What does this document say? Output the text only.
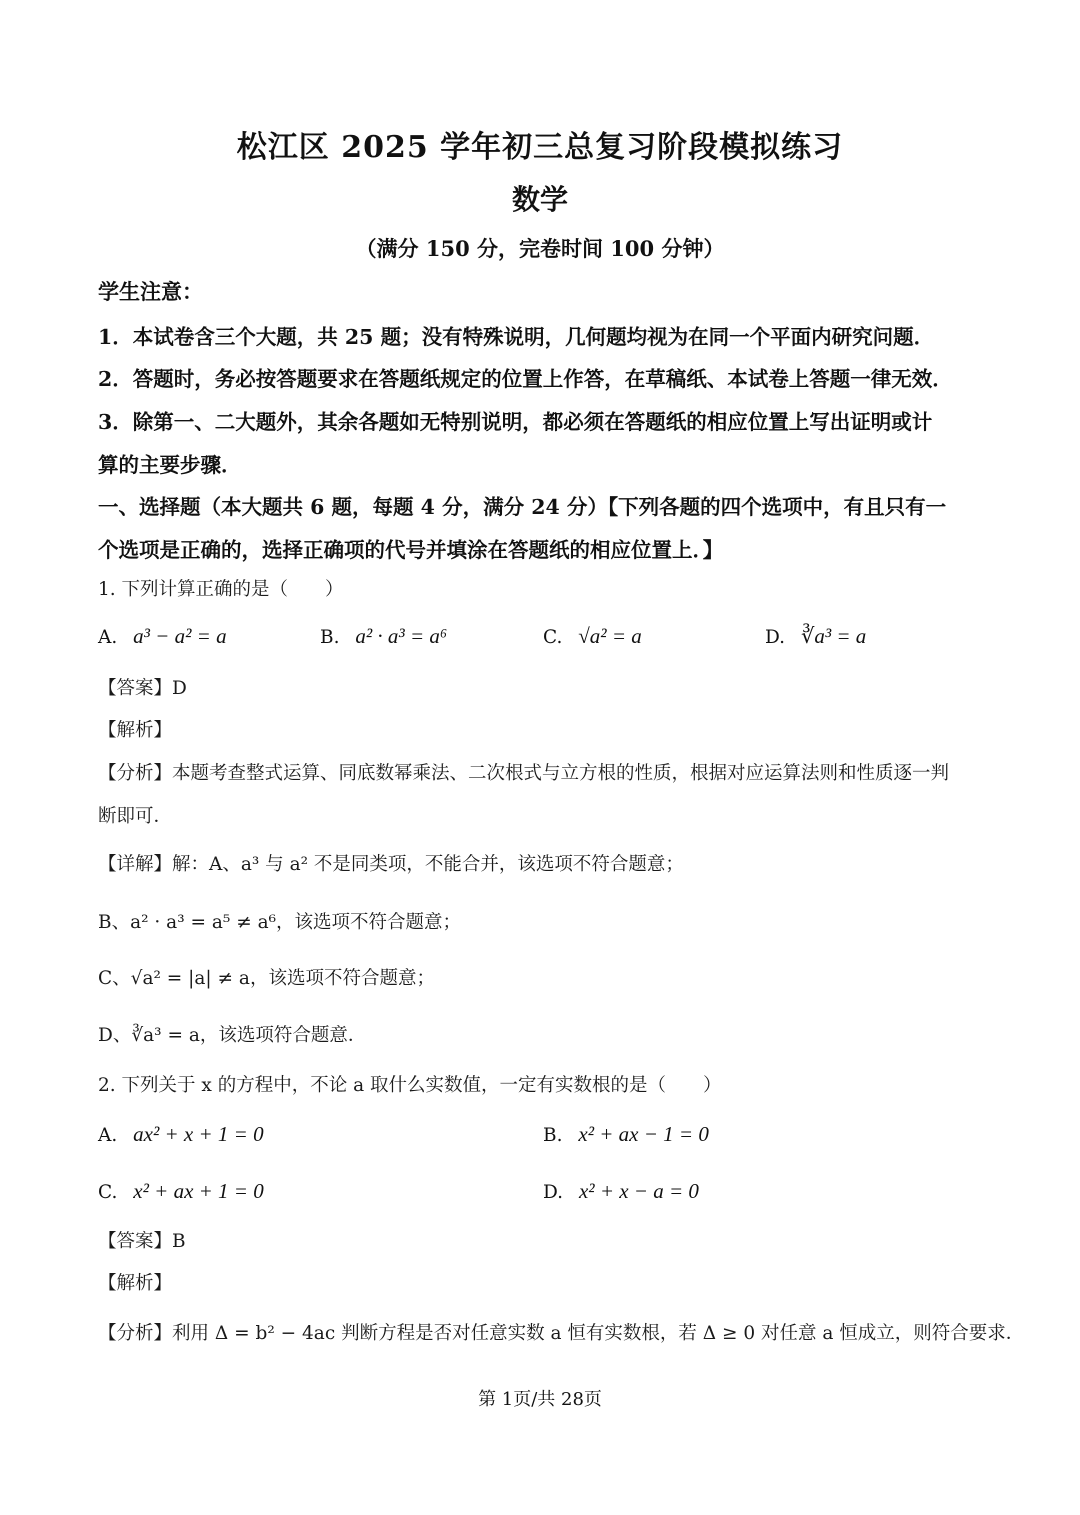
松江区 2025 学年初三总复习阶段模拟练习
数学
（满分 150 分，完卷时间 100 分钟）
学生注意：
1．本试卷含三个大题，共 25 题；没有特殊说明，几何题均视为在同一个平面内研究问题．
2．答题时，务必按答题要求在答题纸规定的位置上作答，在草稿纸、本试卷上答题一律无效．
3．除第一、二大题外，其余各题如无特别说明，都必须在答题纸的相应位置上写出证明或计
算的主要步骤．
一、选择题（本大题共 6 题，每题 4 分，满分 24 分）【下列各题的四个选项中，有且只有一
个选项是正确的，选择正确项的代号并填涂在答题纸的相应位置上．】
1. 下列计算正确的是（　　）
A. a³ − a² = a	B. a² · a³ = a⁶	C. √a² = a	D. ∛a³ = a
【答案】D
【解析】
【分析】本题考查整式运算、同底数幂乘法、二次根式与立方根的性质，根据对应运算法则和性质逐一判
断即可．
【详解】解：A、a³ 与 a² 不是同类项，不能合并，该选项不符合题意；
B、a² · a³ = a⁵ ≠ a⁶，该选项不符合题意；
C、√a² = |a| ≠ a，该选项不符合题意；
D、∛a³ = a，该选项符合题意．
2. 下列关于 x 的方程中，不论 a 取什么实数值，一定有实数根的是（　　）
A. ax² + x + 1 = 0	B. x² + ax − 1 = 0
C. x² + ax + 1 = 0	D. x² + x − a = 0
【答案】B
【解析】
【分析】利用 Δ = b² − 4ac 判断方程是否对任意实数 a 恒有实数根，若 Δ ≥ 0 对任意 a 恒成立，则符合要求．
第 1页/共 28页
